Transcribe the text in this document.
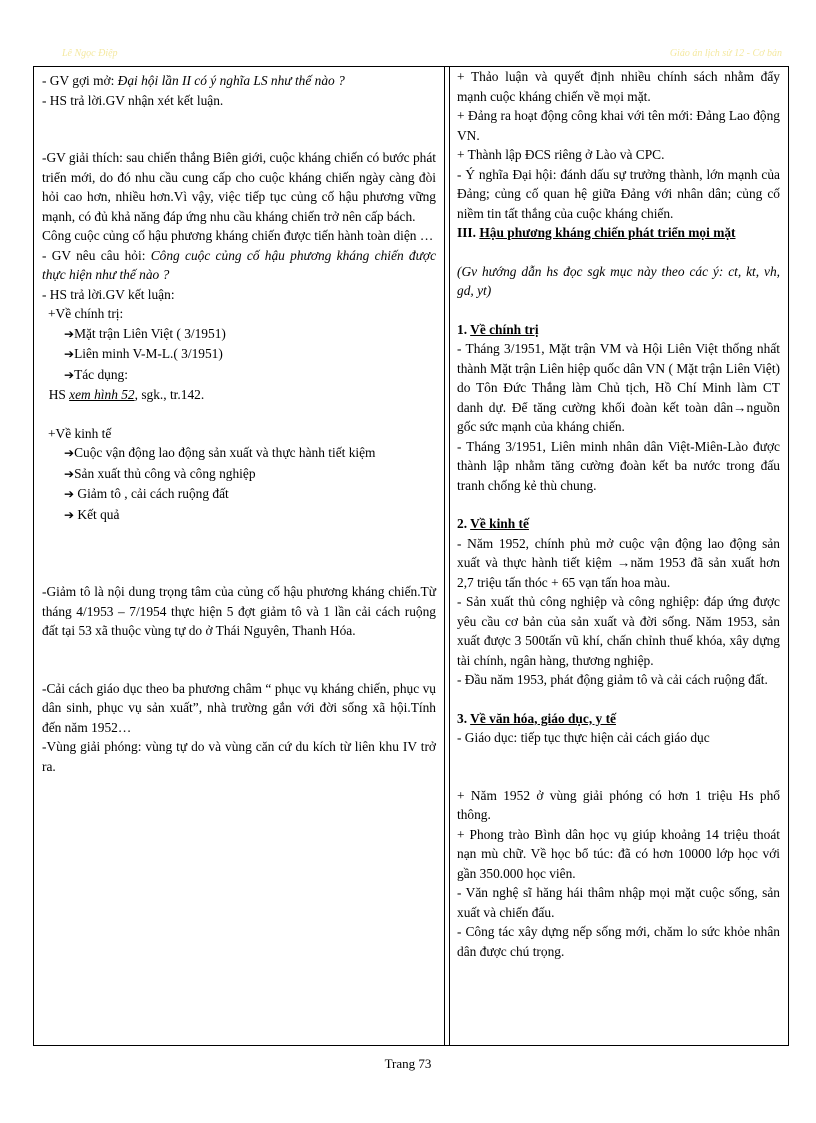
Lê Ngọc Điệp	Giáo án lịch sử 12 - Cơ bản

- GV gợi mở: Đại hội lần II có ý nghĩa LS như thế nào ?

- HS trả lời.GV nhận xét kết luận.

-GV giải thích: sau chiến thắng Biên giới, cuộc kháng chiến có bước phát triển mới, do đó nhu cầu cung cấp cho cuộc kháng chiến ngày càng đòi hỏi cao hơn, nhiều hơn.Vì vậy, việc tiếp tục củng cố hậu phương vững mạnh, có đủ khả năng đáp ứng nhu cầu kháng chiến trở nên cấp bách.

Công cuộc củng cố hậu phương kháng chiến được tiến hành toàn diện …

- GV nêu câu hỏi: Công cuộc củng cố hậu phương kháng chiến được thực hiện như thế nào ?

- HS trả lời.GV kết luận:

+Về chính trị:

➔Mặt trận Liên Việt ( 3/1951)

➔Liên minh V-M-L.( 3/1951)

➔Tác dụng:

HS xem hình 52, sgk., tr.142.

+Về kinh tế

➔Cuộc vận động lao động sản xuất và thực hành tiết kiệm

➔Sản xuất thủ công và công nghiệp

➔ Giảm tô , cải cách ruộng đất

➔ Kết quả

-Giảm tô là nội dung trọng tâm của củng cố hậu phương kháng chiến.Từ tháng 4/1953 – 7/1954 thực hiện 5 đợt giảm tô và 1 lần cải cách ruộng đất tại 53 xã thuộc vùng tự do ở Thái Nguyên, Thanh Hóa.

-Cải cách giáo dục theo ba phương châm “ phục vụ kháng chiến, phục vụ dân sinh, phục vụ sản xuất”, nhà trường gắn với đời sống xã hội.Tính đến năm 1952…

-Vùng giải phóng: vùng tự do và vùng căn cứ du kích từ liên khu IV trở ra.

+ Thảo luận và quyết định nhiều chính sách nhằm đẩy mạnh cuộc kháng chiến về mọi mặt.

+ Đảng ra hoạt động công khai với tên mới: Đảng Lao động VN.

+ Thành lập ĐCS riêng ở Lào và CPC.

- Ý nghĩa Đại hội: đánh dấu sự trưởng thành, lớn mạnh của Đảng; củng cố quan hệ giữa Đảng với nhân dân; củng cố niềm tin tất thắng của cuộc kháng chiến.

III. Hậu phương kháng chiến phát triển mọi mặt

(Gv hướng dẫn hs đọc sgk mục này theo các ý: ct, kt, vh, gd, yt)

1. Về chính trị

- Tháng 3/1951, Mặt trận VM và Hội Liên Việt thống nhất thành Mặt trận Liên hiệp quốc dân VN ( Mặt trận Liên Việt) do Tôn Đức Thắng làm Chủ tịch, Hồ Chí Minh làm CT danh dự. Để tăng cường khối đoàn kết toàn dân→nguồn gốc sức mạnh của kháng chiến.

- Tháng 3/1951, Liên minh nhân dân Việt-Miên-Lào được thành lập nhằm tăng cường đoàn kết ba nước trong đấu tranh chống kẻ thù chung.

2. Về kinh tế

- Năm 1952, chính phủ mở cuộc vận động lao động sản xuất và thực hành tiết kiệm →năm 1953 đã sản xuất hơn 2,7 triệu tấn thóc + 65 vạn tấn hoa màu.

- Sản xuất thủ công nghiệp và công nghiệp: đáp ứng được yêu cầu cơ bản của sản xuất và đời sống. Năm 1953, sản xuất được 3 500tấn vũ khí, chấn chỉnh thuế khóa, xây dựng tài chính, ngân hàng, thương nghiệp.

- Đầu năm 1953, phát động giảm tô và cải cách ruộng đất.

3. Về văn hóa, giáo dục, y tế

- Giáo dục: tiếp tục thực hiện cải cách giáo dục

+ Năm 1952 ở vùng giải phóng có hơn 1 triệu Hs phổ thông.

+ Phong trào Bình dân học vụ giúp khoảng 14 triệu thoát nạn mù chữ. Về học bổ túc: đã có hơn 10000 lớp học với gần 350.000 học viên.

- Văn nghệ sĩ hăng hái thâm nhập mọi mặt cuộc sống, sản xuất và chiến đấu.

- Công tác xây dựng nếp sống mới, chăm lo sức khỏe nhân dân được chú trọng.

Trang 73
